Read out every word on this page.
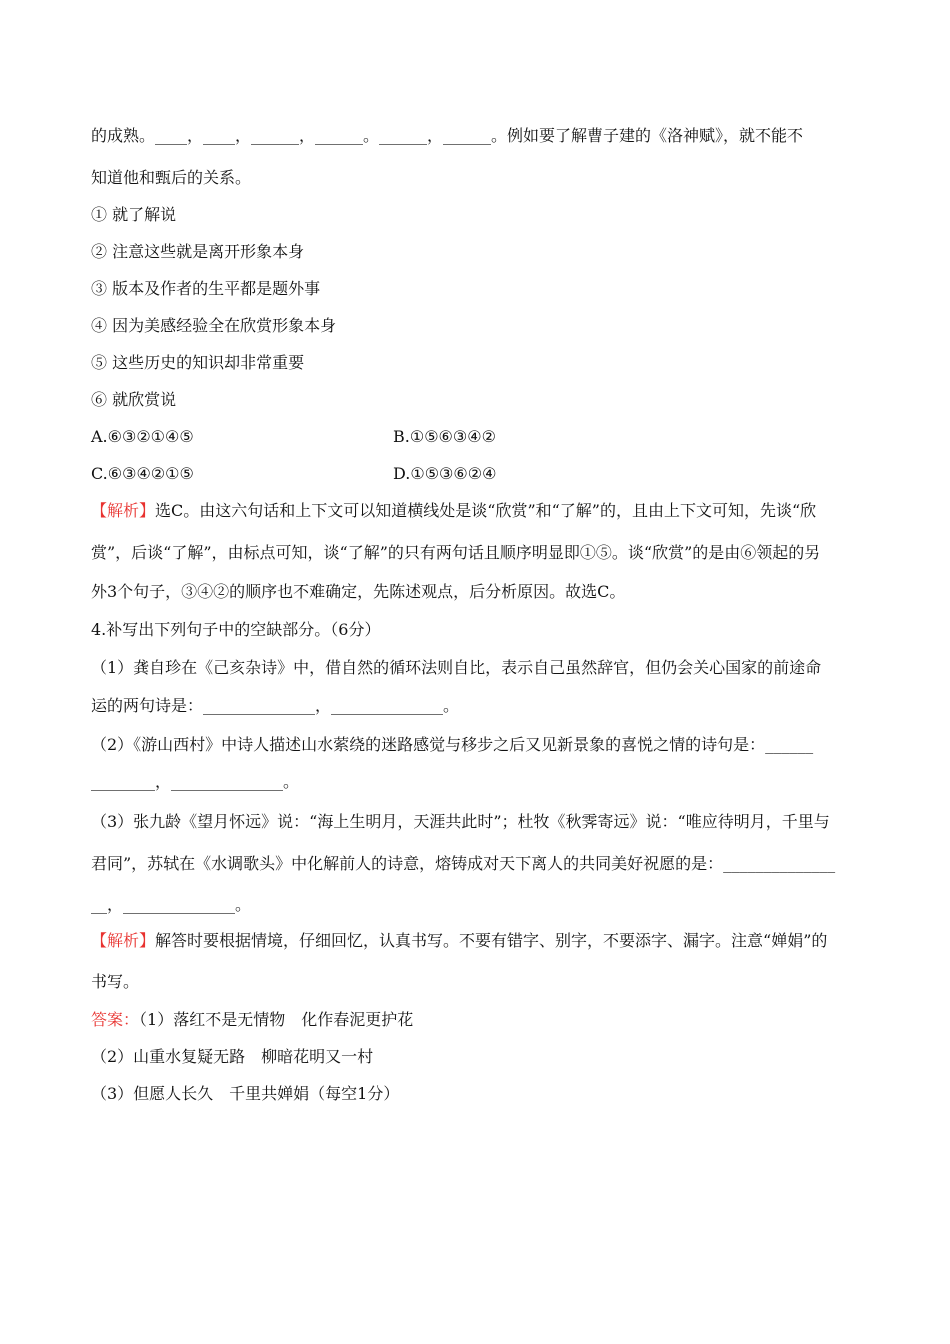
的成熟。____，____，______，______。______，______。例如要了解曹子建的《洛神赋》，就不能不
知道他和甄后的关系。
① 就了解说
② 注意这些就是离开形象本身
③ 版本及作者的生平都是题外事
④ 因为美感经验全在欣赏形象本身
⑤ 这些历史的知识却非常重要
⑥ 就欣赏说
A.⑥③②①④⑤	B.①⑤⑥③④②
C.⑥③④②①⑤	D.①⑤③⑥②④
【解析】选C。由这六句话和上下文可以知道横线处是谈“欣赏”和“了解”的，且由上下文可知，先谈“欣
赏”，后谈“了解”，由标点可知，谈“了解”的只有两句话且顺序明显即①⑤。谈“欣赏”的是由⑥领起的另
外3个句子，③④②的顺序也不难确定，先陈述观点，后分析原因。故选C。
4.补写出下列句子中的空缺部分。（6分）
（1）龚自珍在《己亥杂诗》中，借自然的循环法则自比，表示自己虽然辞官，但仍会关心国家的前途命
运的两句诗是：______________，______________。
（2）《游山西村》中诗人描述山水萦绕的迷路感觉与移步之后又见新景象的喜悦之情的诗句是：______
________，______________。
（3）张九龄《望月怀远》说：“海上生明月，天涯共此时”；杜牧《秋霁寄远》说：“唯应待明月，千里与
君同”，苏轼在《水调歌头》中化解前人的诗意，熔铸成对天下离人的共同美好祝愿的是：______________
__，______________。
【解析】解答时要根据情境，仔细回忆，认真书写。不要有错字、别字，不要添字、漏字。注意“婵娟”的
书写。
答案：（1）落红不是无情物　化作春泥更护花
（2）山重水复疑无路　柳暗花明又一村
（3）但愿人长久　千里共婵娟（每空1分）
